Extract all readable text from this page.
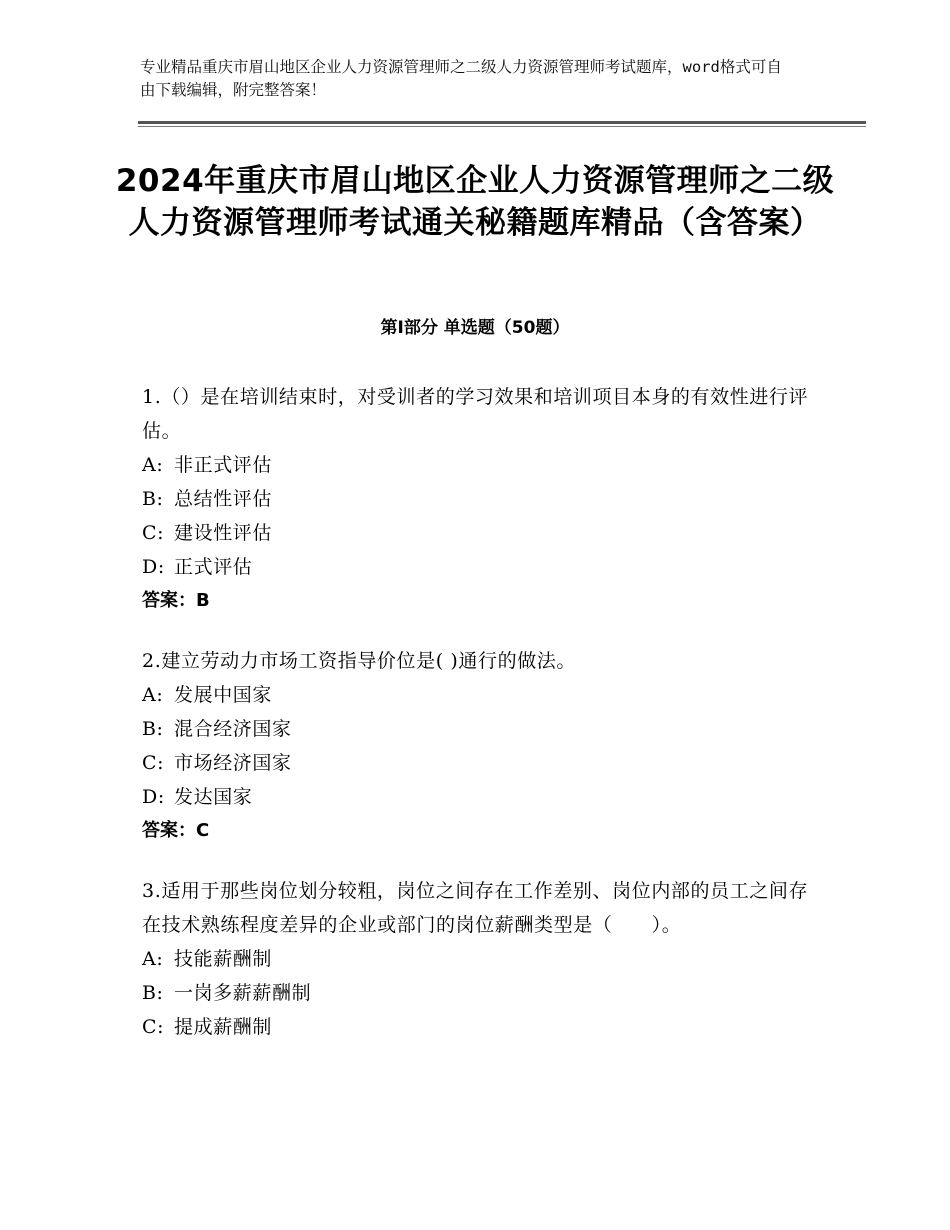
专业精品重庆市眉山地区企业人力资源管理师之二级人力资源管理师考试题库，word格式可自由下载编辑，附完整答案！
2024年重庆市眉山地区企业人力资源管理师之二级人力资源管理师考试通关秘籍题库精品（含答案）
第Ⅰ部分 单选题（50题）

1.（）是在培训结束时，对受训者的学习效果和培训项目本身的有效性进行评估。

A: 非正式评估

B: 总结性评估

C: 建设性评估

D: 正式评估

答案：B

2.建立劳动力市场工资指导价位是( )通行的做法。

A: 发展中国家

B: 混合经济国家

C: 市场经济国家

D: 发达国家

答案：C

3.适用于那些岗位划分较粗，岗位之间存在工作差别、岗位内部的员工之间存在技术熟练程度差异的企业或部门的岗位薪酬类型是（　　）。

A: 技能薪酬制

B: 一岗多薪薪酬制

C: 提成薪酬制
